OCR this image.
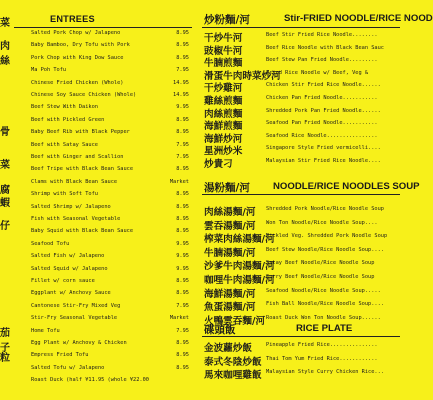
菜
肉絲
骨
菜
腐
蝦
仔
茄子
粒
ENTREES
Salted Pork Chop w/ Jalapeno	8.95
Baby Bamboo, Dry Tofu with Pork	8.95
Pork Chop with King Dow Sauce	8.95
Ma Poh Tofu	7.95
Chinese Fried Chicken (Whole)	14.95
Chinese Soy Sauce Chicken (Whole)	14.95
Beef Stew With Daikon	9.95
Beef with Pickled Green	8.95
Baby Beef Rib with Black Pepper	8.95
Beef with Satay Sauce	7.95
Beef with Ginger and Scallion	7.95
Beef Tripe with Black Bean Sauce	8.95
Clams with Black Bean Sauce	Market
Shrimp with Soft Tofu	8.95
Salted Shrimp w/ Jalapeno	8.95
Fish with Seasonal Vegetable	8.95
Baby Squid with Black Bean Sauce	8.95
Seafood Tofu	9.95
Salted Fish w/ Jalapeno	9.95
Salted Squid w/ Jalapeno	9.95
Fillet w/ corn sauce	8.95
Eggplant w/ Anchovy Sauce	8.95
Cantonese Stir-Fry Mixed Veg	7.95
Stir-Fry Seasonal Vegetable	Market
Home Tofu	7.95
Egg Plant w/ Anchovy & Chicken	8.95
Empress Fried Tofu	8.95
Salted Tofu w/ Jalapeno	8.95
Roast Duck (half ¥11.95 (whole ¥22.00
炒粉麵/河	Stir-FRIED NOODLE/RICE NOOD
干炒牛河	Beef Stir Fried Rice Noodle........
豉椒牛河	Beef Rice Noodle with Black Bean Sauc
牛腩煎麵	Beef Stew Pan Fried Noodle.........
滑蛋牛肉時菜炒河
Fried Rice Noodle w/ Beef, Veg &
干炒雞河	Chicken Stir Fried Rice Noodle......
雞絲煎麵	Chicken Pan Fried Noodle...........
肉絲煎麵	Shredded Pork Pan Fried Noodle......
海鮮煎麵	Seafood Pan Fried Noodle...........
海鮮炒河	Seafood Rice Noodle................
星洲炒米	Singapore Style Fried vermicelli....
炒貴刁	Malaysian Stir Fried Rice Noodle....
湯粉麵/河 NOODLE/RICE NOODLES SOUP
肉絲湯麵/河 Shredded Pork Noodle/Rice Noodle Soup
雲吞湯麵/河 Won Ton Noodle/Rice Noodle Soup....
榨菜肉絲湯麵/河
Pickled Veg. Shredded Pork Noodle Soup
牛腩湯麵/河 Beef Stew Noodle/Rice Noodle Soup....
沙爹牛肉湯麵/河
Satay Beef Noodle/Rice Noodle Soup
咖哩牛肉湯麵/河
Curry Beef Noodle/Rice Noodle Soup
海鮮湯麵/河 Seafood Noodle/Rice Noodle Soup.....
魚蛋湯麵/河 Fish Ball Noodle/Rice Noodle Soup....
火鴨雲吞麵/河 Roast Duck Won Ton Noodle Soup......
碟頭飯	RICE PLATE
金波蘿炒飯	Pineapple Fried Rice...............
泰式冬陰炒飯 Thai Tom Yum Fried Rice............
馬來咖哩雞飯 Malaysian Style Curry Chicken Rice...
